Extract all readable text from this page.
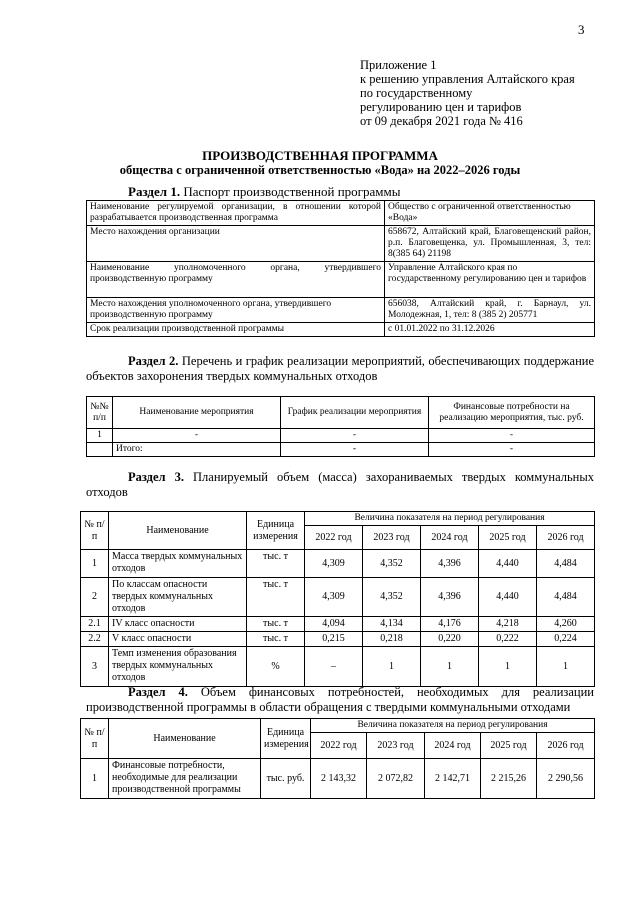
3
Приложение 1
к решению управления Алтайского края
по государственному
регулированию цен и тарифов
от 09 декабря 2021 года № 416
ПРОИЗВОДСТВЕННАЯ ПРОГРАММА
общества с ограниченной ответственностью «Вода» на 2022–2026 годы
Раздел 1. Паспорт производственной программы
Наименование регулируемой организации, в отношении которой разрабатывается производственная программа	Общество с ограниченной ответственностью «Вода»
Место нахождения организации	658672, Алтайский край, Благовещенский район, р.п. Благовещенка, ул. Промышленная, 3, тел: 8(385 64) 21198
Наименование уполномоченного органа, утвердившего производственную программу	Управление Алтайского края по государственному регулированию цен и тарифов
Место нахождения уполномоченного органа, утвердившего производственную программу	656038, Алтайский край, г. Барнаул, ул. Молодежная, 1, тел: 8 (385 2) 205771
Срок реализации производственной программы	с 01.01.2022 по 31.12.2026
Раздел 2. Перечень и график реализации мероприятий, обеспечивающих поддержание объектов захоронения твердых коммунальных отходов
№№ п/п	Наименование мероприятия	График реализации мероприятия	Финансовые потребности на реализацию мероприятия, тыс. руб.
1	-	-	-
	Итого:	-	-
Раздел 3. Планируемый объем (масса) захораниваемых твердых коммунальных отходов
№ п/п	Наименование	Единица измерения	Величина показателя на период регулирования				
			2022 год	2023 год	2024 год	2025 год	2026 год
1	Масса твердых коммунальных отходов	тыс. т	4,309	4,352	4,396	4,440	4,484
2	По классам опасности твердых коммунальных отходов	тыс. т	4,309	4,352	4,396	4,440	4,484
2.1	IV класс опасности	тыс. т	4,094	4,134	4,176	4,218	4,260
2.2	V класс опасности	тыс. т	0,215	0,218	0,220	0,222	0,224
3	Темп изменения образования твердых коммунальных отходов	%	–	1	1	1	1
Раздел 4. Объем финансовых потребностей, необходимых для реализации производственной программы в области обращения с твердыми коммунальными отходами
№ п/ п	Наименование	Единица измерения	Величина показателя на период регулирования				
			2022 год	2023 год	2024 год	2025 год	2026 год
1	Финансовые потребности, необходимые для реализации производственной программы	тыс. руб.	2 143,32	2 072,82	2 142,71	2 215,26	2 290,56
